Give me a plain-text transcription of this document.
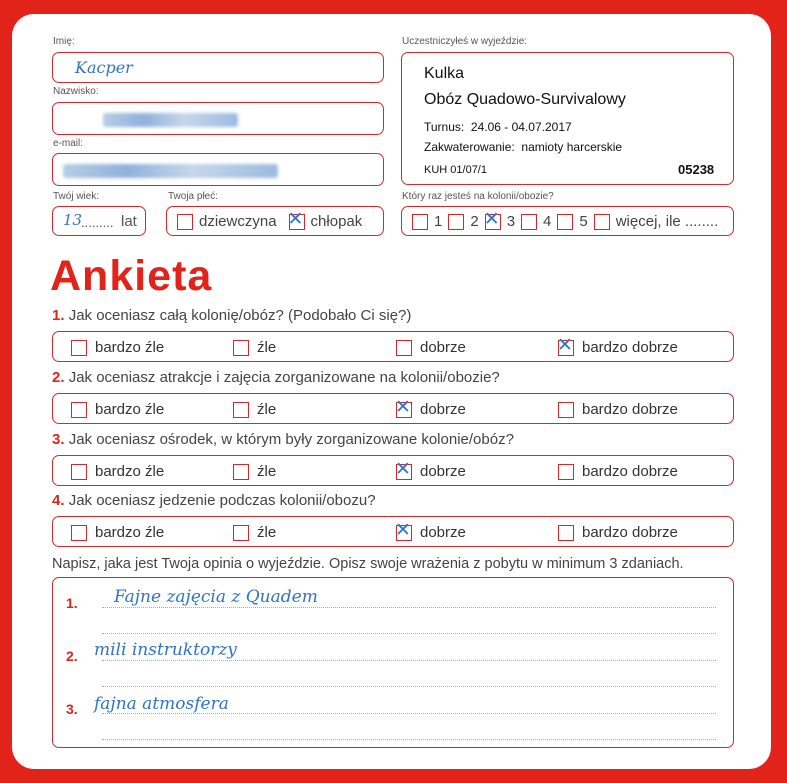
Imię:
Kacper
Nazwisko:
e-mail:
Twój wiek:
13
......... lat
Twoja płeć:
dziewczyna ✕ chłopak
Uczestniczyłeś w wyjeździe:
Kulka
Obóz Quadowo-Survivalowy
Turnus: 24.06 - 04.07.2017
Zakwaterowanie: namioty harcerskie
KUH 01/07/1	05238
Który raz jesteś na kolonii/obozie?
1 2 ✕ 3 4 5 więcej, ile ........
Ankieta
1. Jak oceniasz całą kolonię/obóz? (Podobało Ci się?)
bardzo źle	źle	dobrze	✕ bardzo dobrze
2. Jak oceniasz atrakcje i zajęcia zorganizowane na kolonii/obozie?
bardzo źle	źle	✕ dobrze	bardzo dobrze
3. Jak oceniasz ośrodek, w którym były zorganizowane kolonie/obóz?
bardzo źle	źle	✕ dobrze	bardzo dobrze
4. Jak oceniasz jedzenie podczas kolonii/obozu?
bardzo źle	źle	✕ dobrze	bardzo dobrze
Napisz, jaka jest Twoja opinia o wyjeździe. Opisz swoje wrażenia z pobytu w minimum 3 zdaniach.
1. Fajne zajęcia z Quadem
2. mili instruktorzy
3. fajna atmosfera
